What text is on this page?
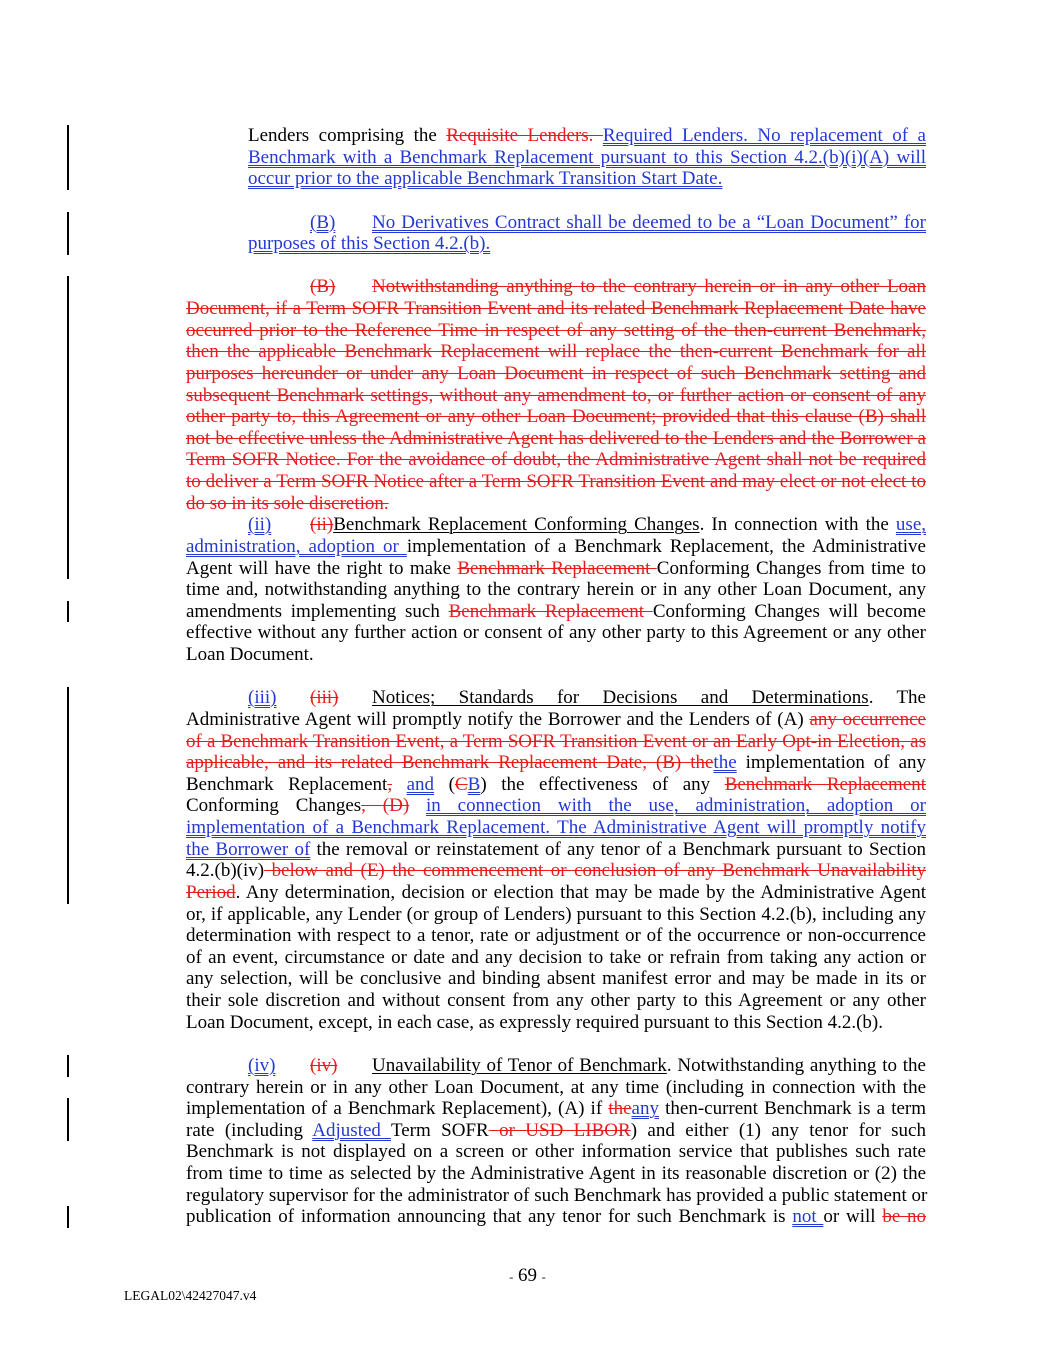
Lenders comprising the Requisite Lenders. Required Lenders. No replacement of a
Benchmark with a Benchmark Replacement pursuant to this Section 4.2.(b)(i)(A) will
occur prior to the applicable Benchmark Transition Start Date.
(B)	No Derivatives Contract shall be deemed to be a “Loan Document” for
purposes of this Section 4.2.(b).
(B)	Notwithstanding anything to the contrary herein or in any other Loan
Document, if a Term SOFR Transition Event and its related Benchmark Replacement Date have
occurred prior to the Reference Time in respect of any setting of the then-current Benchmark,
then the applicable Benchmark Replacement will replace the then-current Benchmark for all
purposes hereunder or under any Loan Document in respect of such Benchmark setting and
subsequent Benchmark settings, without any amendment to, or further action or consent of any
other party to, this Agreement or any other Loan Document; provided that this clause (B) shall
not be effective unless the Administrative Agent has delivered to the Lenders and the Borrower a
Term SOFR Notice. For the avoidance of doubt, the Administrative Agent shall not be required
to deliver a Term SOFR Notice after a Term SOFR Transition Event and may elect or not elect to
do so in its sole discretion.
(ii)	(ii)Benchmark Replacement Conforming Changes. In connection with the use,
administration, adoption or implementation of a Benchmark Replacement, the Administrative
Agent will have the right to make Benchmark Replacement Conforming Changes from time to
time and, notwithstanding anything to the contrary herein or in any other Loan Document, any
amendments implementing such Benchmark Replacement Conforming Changes will become
effective without any further action or consent of any other party to this Agreement or any other
Loan Document.
(iii)	(iii)	Notices; Standards for Decisions and Determinations. The
Administrative Agent will promptly notify the Borrower and the Lenders of (A) any occurrence
of a Benchmark Transition Event, a Term SOFR Transition Event or an Early Opt-in Election, as
applicable, and its related Benchmark Replacement Date, (B) thethe implementation of any
Benchmark Replacement, and (CB) the effectiveness of any Benchmark Replacement
Conforming Changes, (D) in connection with the use, administration, adoption or
implementation of a Benchmark Replacement. The Administrative Agent will promptly notify
the Borrower of the removal or reinstatement of any tenor of a Benchmark pursuant to Section
4.2.(b)(iv) below and (E) the commencement or conclusion of any Benchmark Unavailability
Period. Any determination, decision or election that may be made by the Administrative Agent
or, if applicable, any Lender (or group of Lenders) pursuant to this Section 4.2.(b), including any
determination with respect to a tenor, rate or adjustment or of the occurrence or non-occurrence
of an event, circumstance or date and any decision to take or refrain from taking any action or
any selection, will be conclusive and binding absent manifest error and may be made in its or
their sole discretion and without consent from any other party to this Agreement or any other
Loan Document, except, in each case, as expressly required pursuant to this Section 4.2.(b).
(iv)	(iv)	Unavailability of Tenor of Benchmark. Notwithstanding anything to the
contrary herein or in any other Loan Document, at any time (including in connection with the
implementation of a Benchmark Replacement), (A) if theany then-current Benchmark is a term
rate (including Adjusted Term SOFR or USD LIBOR) and either (1) any tenor for such
Benchmark is not displayed on a screen or other information service that publishes such rate
from time to time as selected by the Administrative Agent in its reasonable discretion or (2) the
regulatory supervisor for the administrator of such Benchmark has provided a public statement or
publication of information announcing that any tenor for such Benchmark is not or will be no
- 69 -
LEGAL02\42427047.v4
